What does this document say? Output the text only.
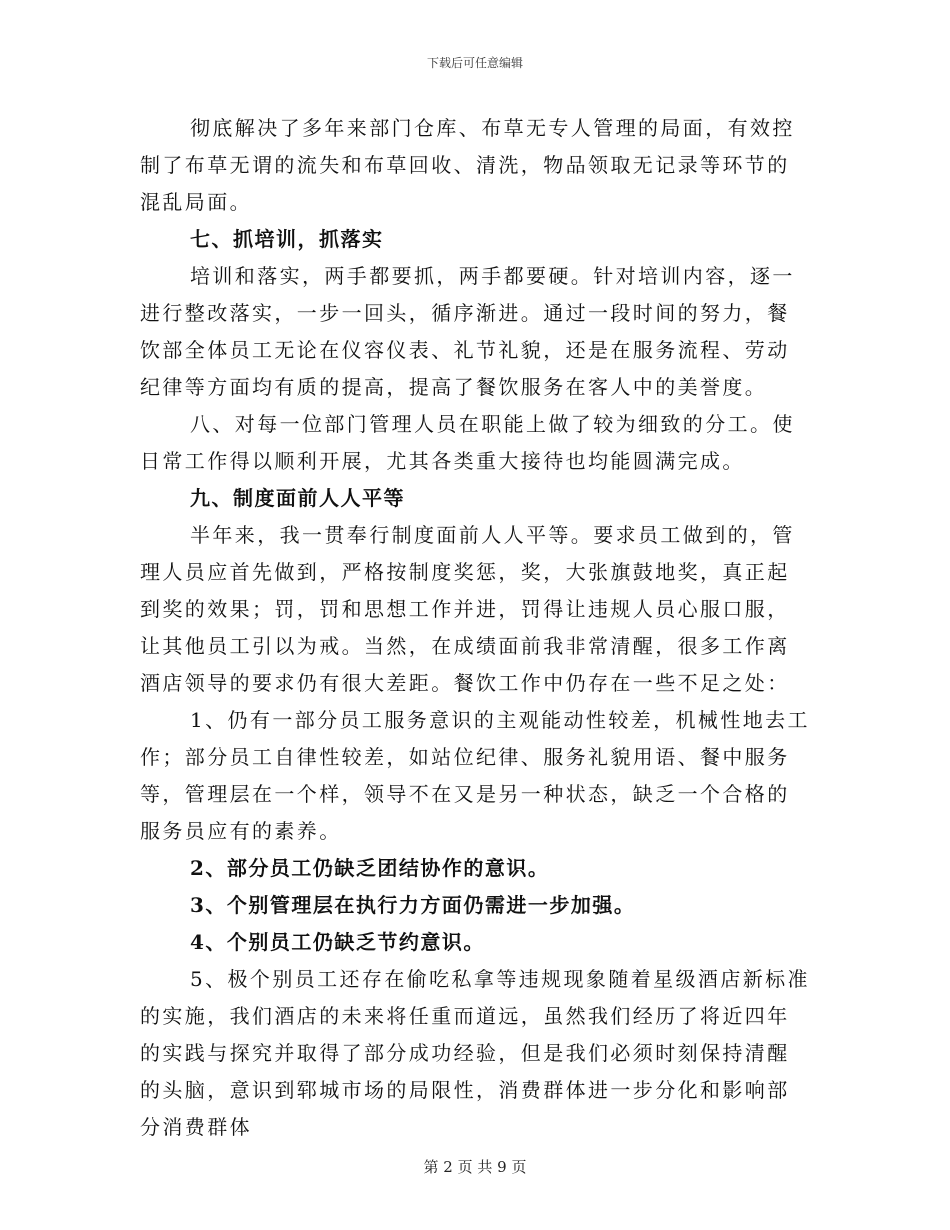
下载后可任意编辑

彻底解决了多年来部门仓库、布草无专人管理的局面，有效控制了布草无谓的流失和布草回收、清洗，物品领取无记录等环节的混乱局面。

七、抓培训，抓落实

培训和落实，两手都要抓，两手都要硬。针对培训内容，逐一进行整改落实，一步一回头，循序渐进。通过一段时间的努力，餐饮部全体员工无论在仪容仪表、礼节礼貌，还是在服务流程、劳动纪律等方面均有质的提高，提高了餐饮服务在客人中的美誉度。

八、对每一位部门管理人员在职能上做了较为细致的分工。使日常工作得以顺利开展，尤其各类重大接待也均能圆满完成。

九、制度面前人人平等

半年来，我一贯奉行制度面前人人平等。要求员工做到的，管理人员应首先做到，严格按制度奖惩，奖，大张旗鼓地奖，真正起到奖的效果；罚，罚和思想工作并进，罚得让违规人员心服口服，让其他员工引以为戒。当然，在成绩面前我非常清醒，很多工作离酒店领导的要求仍有很大差距。餐饮工作中仍存在一些不足之处：

1、仍有一部分员工服务意识的主观能动性较差，机械性地去工作；部分员工自律性较差，如站位纪律、服务礼貌用语、餐中服务等，管理层在一个样，领导不在又是另一种状态，缺乏一个合格的服务员应有的素养。

2、部分员工仍缺乏团结协作的意识。

3、个别管理层在执行力方面仍需进一步加强。

4、个别员工仍缺乏节约意识。

5、极个别员工还存在偷吃私拿等违规现象随着星级酒店新标准的实施，我们酒店的未来将任重而道远，虽然我们经历了将近四年的实践与探究并取得了部分成功经验，但是我们必须时刻保持清醒的头脑，意识到郓城市场的局限性，消费群体进一步分化和影响部分消费群体

第 2 页 共 9 页
